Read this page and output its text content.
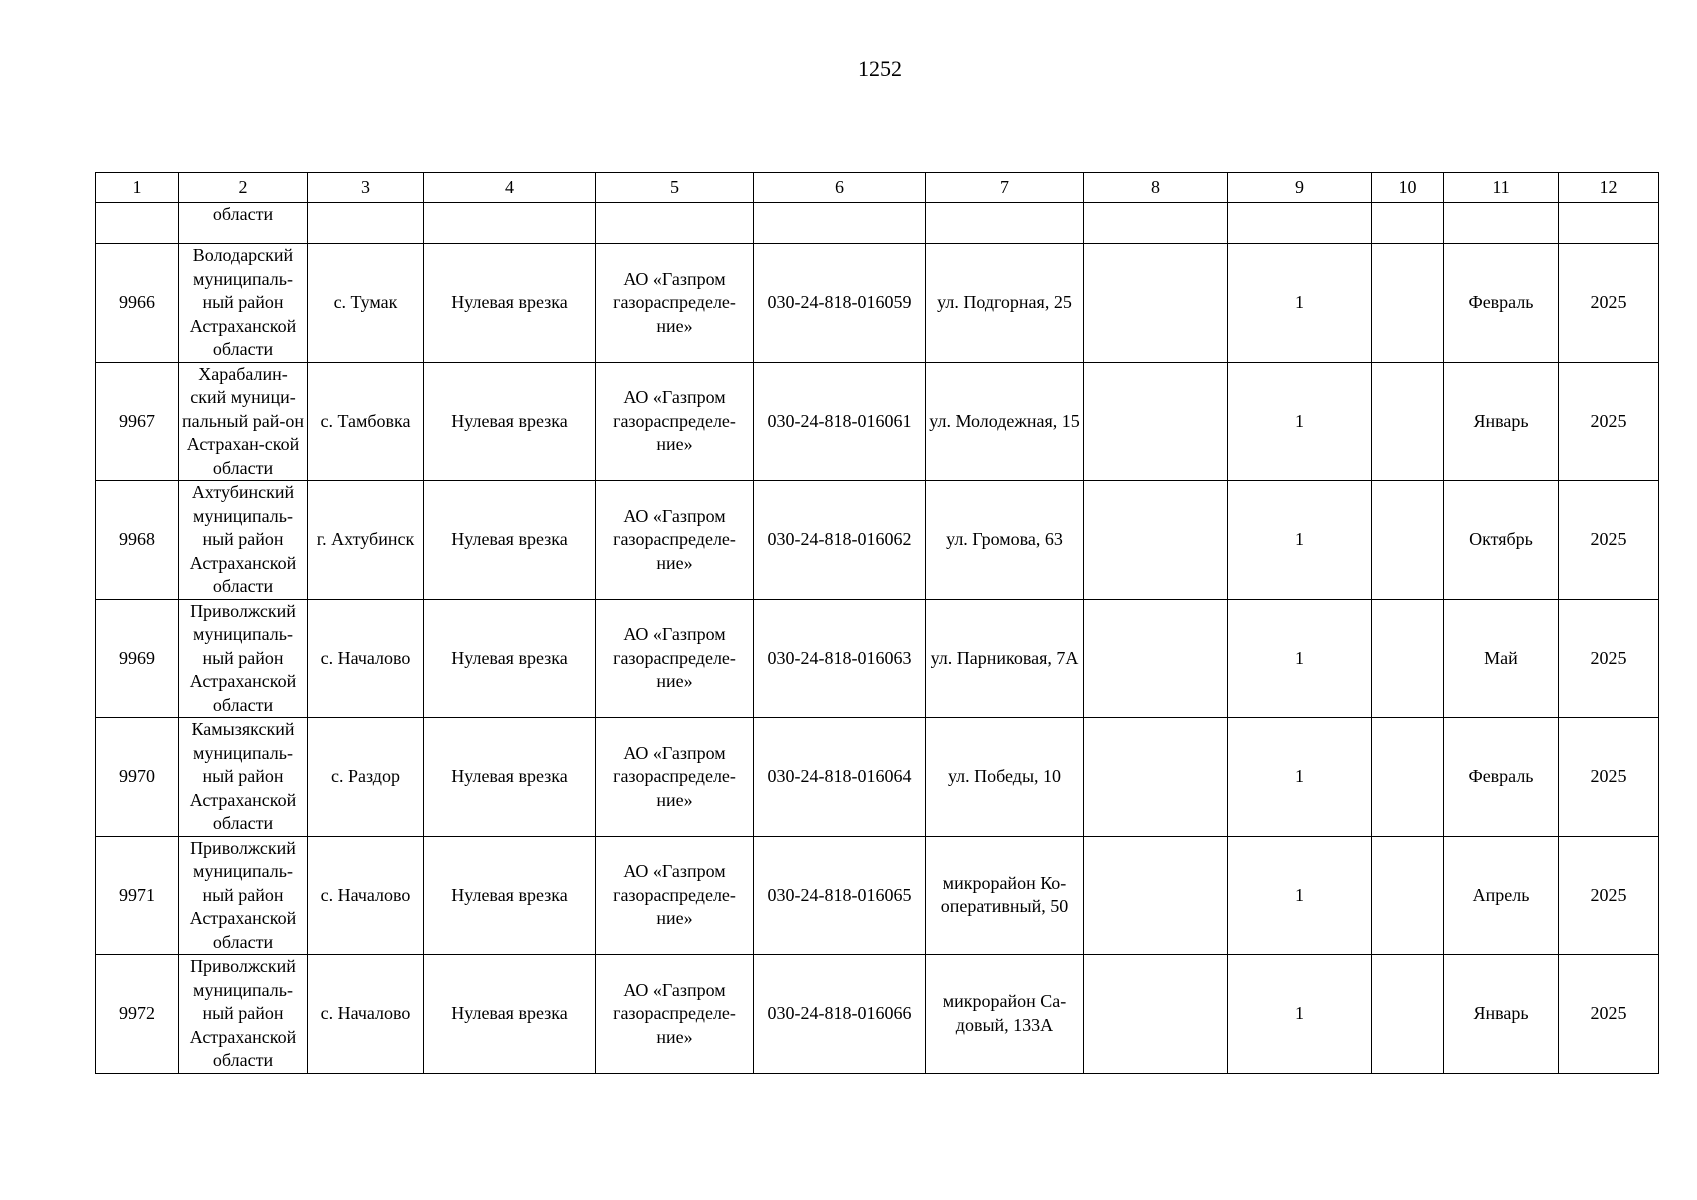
1252
1	2	3	4	5	6	7	8	9	10	11	12
	области										
9966	Володарский муниципаль-ный район Астраханской области	с. Тумак	Нулевая врезка	АО «Газпром газораспределе-ние»	030-24-818-016059	ул. Подгорная, 25		1		Февраль	2025
9967	Харабалин-ский муници-пальный рай-он Астрахан-ской области	с. Тамбовка	Нулевая врезка	АО «Газпром газораспределе-ние»	030-24-818-016061	ул. Молодежная, 15		1		Январь	2025
9968	Ахтубинский муниципаль-ный район Астраханской области	г. Ахтубинск	Нулевая врезка	АО «Газпром газораспределе-ние»	030-24-818-016062	ул. Громова, 63		1		Октябрь	2025
9969	Приволжский муниципаль-ный район Астраханской области	с. Началово	Нулевая врезка	АО «Газпром газораспределе-ние»	030-24-818-016063	ул. Парниковая, 7А		1		Май	2025
9970	Камызякский муниципаль-ный район Астраханской области	с. Раздор	Нулевая врезка	АО «Газпром газораспределе-ние»	030-24-818-016064	ул. Победы, 10		1		Февраль	2025
9971	Приволжский муниципаль-ный район Астраханской области	с. Началово	Нулевая врезка	АО «Газпром газораспределе-ние»	030-24-818-016065	микрорайон Ко-оперативный, 50		1		Апрель	2025
9972	Приволжский муниципаль-ный район Астраханской области	с. Началово	Нулевая врезка	АО «Газпром газораспределе-ние»	030-24-818-016066	микрорайон Са-довый, 133А		1		Январь	2025
